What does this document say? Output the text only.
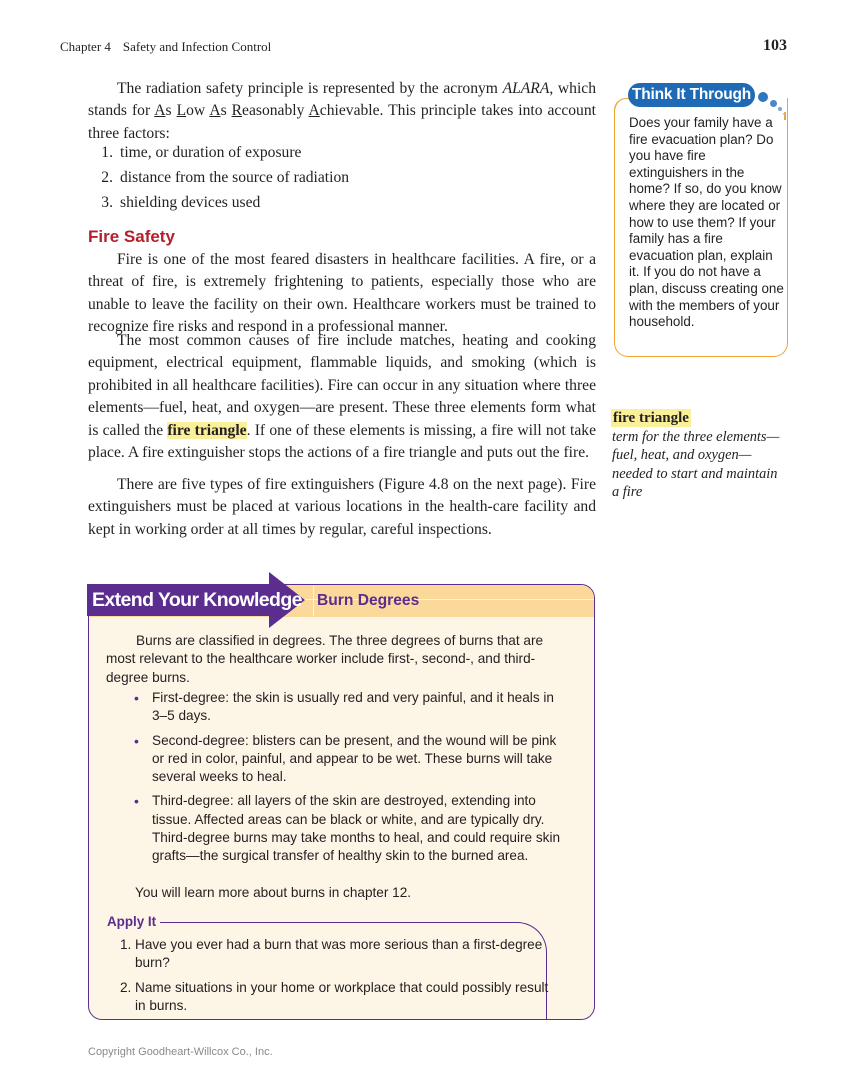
Chapter 4 Safety and Infection Control	103

The radiation safety principle is represented by the acronym ALARA, which stands for As Low As Reasonably Achievable. This principle takes into account three factors:

1. time, or duration of exposure
2. distance from the source of radiation
3. shielding devices used
Fire Safety

Fire is one of the most feared disasters in healthcare facilities. A fire, or a threat of fire, is extremely frightening to patients, especially those who are unable to leave the facility on their own. Healthcare workers must be trained to recognize fire risks and respond in a professional manner.

The most common causes of fire include matches, heating and cooking equipment, electrical equipment, flammable liquids, and smoking (which is prohibited in all healthcare facilities). Fire can occur in any situation where three elements—fuel, heat, and oxygen—are present. These three elements form what is called the fire triangle. If one of these elements is missing, a fire will not take place. A fire extinguisher stops the actions of a fire triangle and puts out the fire.

There are five types of fire extinguishers (Figure 4.8 on the next page). Fire extinguishers must be placed at various locations in the health-care facility and kept in working order at all times by regular, careful inspections.

Think It Through
Does your family have a fire evacuation plan? Do you have fire extinguishers in the home? If so, do you know where they are located or how to use them? If your family has a fire evacuation plan, explain it. If you do not have a plan, discuss creating one with the members of your household.
fire triangle
term for the three elements—fuel, heat, and oxygen—needed to start and maintain a fire
Extend Your Knowledge Burn Degrees
Burns are classified in degrees. The three degrees of burns that are most relevant to the healthcare worker include first-, second-, and third-degree burns.
• First-degree: the skin is usually red and very painful, and it heals in 3–5 days.
• Second-degree: blisters can be present, and the wound will be pink or red in color, painful, and appear to be wet. These burns will take several weeks to heal.
• Third-degree: all layers of the skin are destroyed, extending into tissue. Affected areas can be black or white, and are typically dry. Third-degree burns may take months to heal, and could require skin grafts—the surgical transfer of healthy skin to the burned area.
You will learn more about burns in chapter 12.
Apply It
1. Have you ever had a burn that was more serious than a first-degree burn?
2. Name situations in your home or workplace that could possibly result in burns.
Copyright Goodheart-Willcox Co., Inc.
